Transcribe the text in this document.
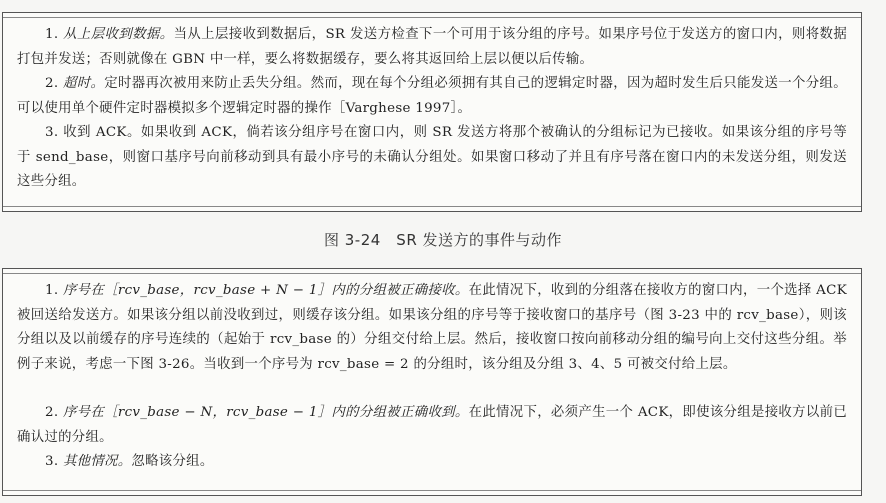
1. 从上层收到数据。当从上层接收到数据后，SR 发送方检查下一个可用于该分组的序号。如果序号位于发送方的窗口内，则将数据打包并发送；否则就像在 GBN 中一样，要么将数据缓存，要么将其返回给上层以便以后传输。
2. 超时。定时器再次被用来防止丢失分组。然而，现在每个分组必须拥有其自己的逻辑定时器，因为超时发生后只能发送一个分组。可以使用单个硬件定时器模拟多个逻辑定时器的操作［Varghese 1997］。
3. 收到 ACK。如果收到 ACK，倘若该分组序号在窗口内，则 SR 发送方将那个被确认的分组标记为已接收。如果该分组的序号等于 send_base，则窗口基序号向前移动到具有最小序号的未确认分组处。如果窗口移动了并且有序号落在窗口内的未发送分组，则发送这些分组。
图 3-24　SR 发送方的事件与动作
1. 序号在［rcv_base，rcv_base + N − 1］内的分组被正确接收。在此情况下，收到的分组落在接收方的窗口内，一个选择 ACK 被回送给发送方。如果该分组以前没收到过，则缓存该分组。如果该分组的序号等于接收窗口的基序号（图 3-23 中的 rcv_base），则该分组以及以前缓存的序号连续的（起始于 rcv_base 的）分组交付给上层。然后，接收窗口按向前移动分组的编号向上交付这些分组。举例子来说，考虑一下图 3-26。当收到一个序号为 rcv_base = 2 的分组时，该分组及分组 3、4、5 可被交付给上层。
2. 序号在［rcv_base − N，rcv_base − 1］内的分组被正确收到。在此情况下，必须产生一个 ACK，即使该分组是接收方以前已确认过的分组。
3. 其他情况。忽略该分组。
